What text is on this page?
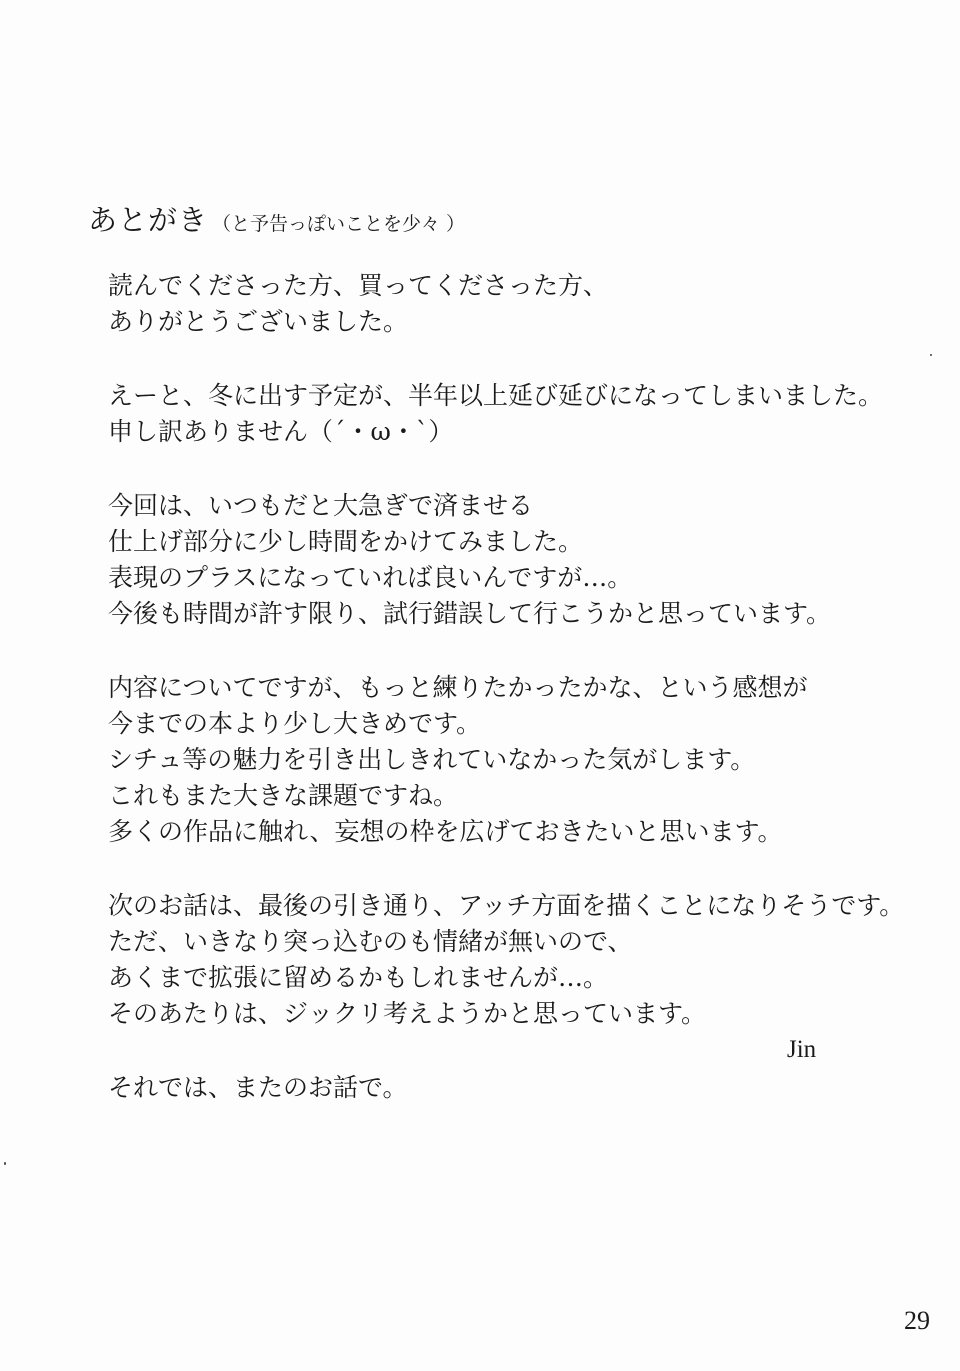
あとがき （と予告っぽいことを少々 ）

読んでくださった方、買ってくださった方、
ありがとうございました。

えーと、冬に出す予定が、半年以上延び延びになってしまいました。
申し訳ありません（´・ω・`）

今回は、いつもだと大急ぎで済ませる
仕上げ部分に少し時間をかけてみました。
表現のプラスになっていれば良いんですが…。
今後も時間が許す限り、試行錯誤して行こうかと思っています。

内容についてですが、もっと練りたかったかな、という感想が
今までの本より少し大きめです。
シチュ等の魅力を引き出しきれていなかった気がします。
これもまた大きな課題ですね。
多くの作品に触れ、妄想の枠を広げておきたいと思います。

次のお話は、最後の引き通り、アッチ方面を描くことになりそうです。
ただ、いきなり突っ込むのも情緒が無いので、
あくまで拡張に留めるかもしれませんが…。
そのあたりは、ジックリ考えようかと思っています。

それでは、またのお話で。

Jin
29
